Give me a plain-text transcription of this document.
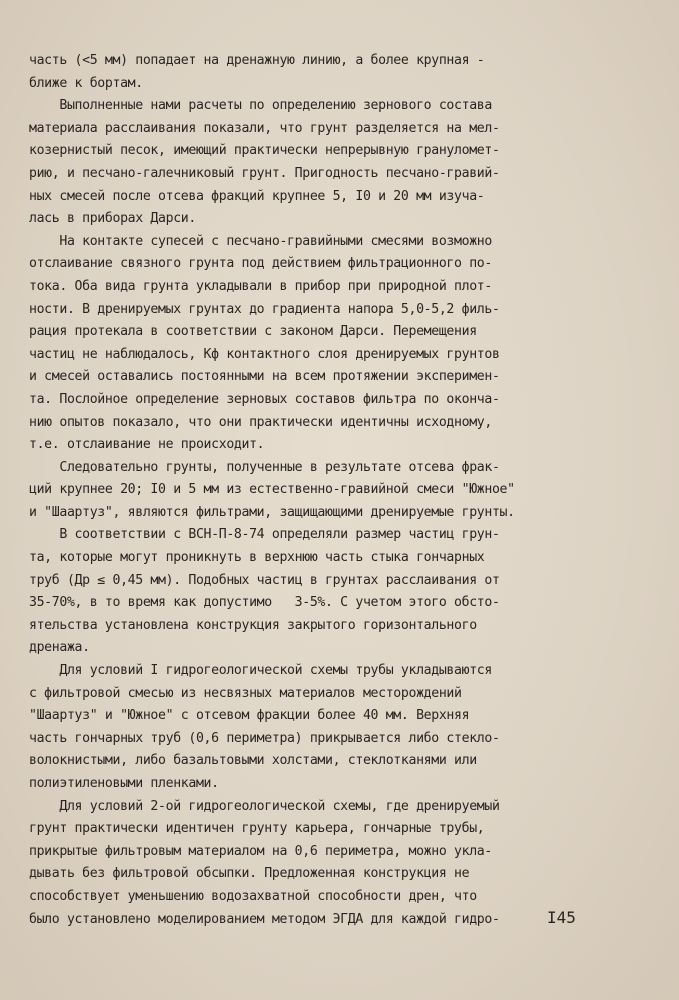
часть (<5 мм) попадает на дренажную линию, а более крупная -
ближе к бортам.
Выполненные нами расчеты по определению зернового состава
материала расслаивания показали, что грунт разделяется на мел-
козернистый песок, имеющий практически непрерывную грануломет-
рию, и песчано-галечниковый грунт. Пригодность песчано-гравий-
ных смесей после отсева фракций крупнее 5, I0 и 20 мм изуча-
лась в приборах Дарси.
На контакте супесей с песчано-гравийными смесями возможно
отслаивание связного грунта под действием фильтрационного по-
тока. Оба вида грунта укладывали в прибор при природной плот-
ности. В дренируемых грунтах до градиента напора 5,0-5,2 филь-
рация протекала в соответствии с законом Дарси. Перемещения
частиц не наблюдалось, Кф контактного слоя дренируемых грунтов
и смесей оставались постоянными на всем протяжении эксперимен-
та. Послойное определение зерновых составов фильтра по оконча-
нию опытов показало, что они практически идентичны исходному,
т.е. отслаивание не происходит.
Следовательно грунты, полученные в результате отсева фрак-
ций крупнее 20; I0 и 5 мм из естественно-гравийной смеси "Южное"
и "Шаартуз", являются фильтрами, защищающими дренируемые грунты.
В соответствии с ВСН-П-8-74 определяли размер частиц грун-
та, которые могут проникнуть в верхнюю часть стыка гончарных
труб (Др ≤ 0,45 мм). Подобных частиц в грунтах расслаивания от
35-70%, в то время как допустимо   3-5%. С учетом этого обсто-
ятельства установлена конструкция закрытого горизонтального
дренажа.
Для условий I гидрогеологической схемы трубы укладываются
с фильтровой смесью из несвязных материалов месторождений
"Шаартуз" и "Южное" с отсевом фракции более 40 мм. Верхняя
часть гончарных труб (0,6 периметра) прикрывается либо стекло-
волокнистыми, либо базальтовыми холстами, стеклотканями или
полиэтиленовыми пленками.
Для условий 2-ой гидрогеологической схемы, где дренируемый
грунт практически идентичен грунту карьера, гончарные трубы,
прикрытые фильтровым материалом на 0,6 периметра, можно укла-
дывать без фильтровой обсыпки. Предложенная конструкция не
способствует уменьшению водозахватной способности дрен, что
было установлено моделированием методом ЭГДА для каждой гидро-	I45
